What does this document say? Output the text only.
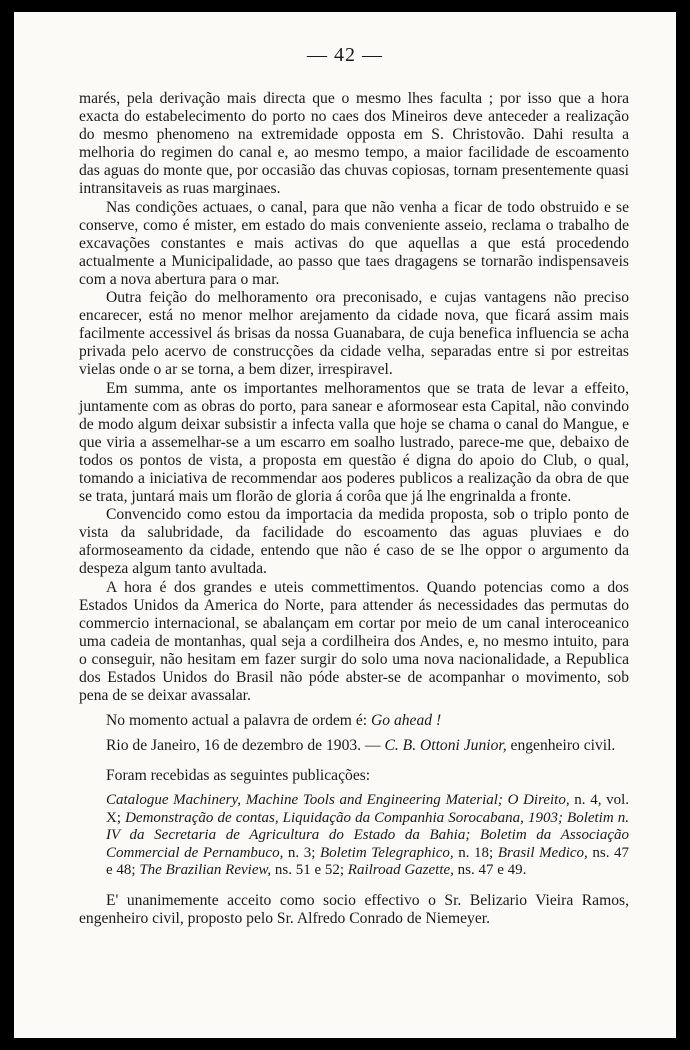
— 42 —

marés, pela derivação mais directa que o mesmo lhes faculta ; por isso que a hora exacta do estabelecimento do porto no caes dos Mineiros deve anteceder a realização do mesmo phenomeno na extremidade opposta em S. Christovão. Dahi resulta a melhoria do regimen do canal e, ao mesmo tempo, a maior facilidade de escoamento das aguas do monte que, por occasião das chuvas copiosas, tornam presentemente quasi intransitaveis as ruas marginaes.

Nas condições actuaes, o canal, para que não venha a ficar de todo obstruido e se conserve, como é mister, em estado do mais conveniente asseio, reclama o trabalho de excavações constantes e mais activas do que aquellas a que está procedendo actualmente a Municipalidade, ao passo que taes dragagens se tornarão indispensaveis com a nova abertura para o mar.

Outra feição do melhoramento ora preconisado, e cujas vantagens não preciso encarecer, está no menor melhor arejamento da cidade nova, que ficará assim mais facilmente accessivel ás brisas da nossa Guanabara, de cuja benefica influencia se acha privada pelo acervo de construcções da cidade velha, separadas entre si por estreitas vielas onde o ar se torna, a bem dizer, irrespiravel.

Em summa, ante os importantes melhoramentos que se trata de levar a effeito, juntamente com as obras do porto, para sanear e aformosear esta Capital, não convindo de modo algum deixar subsistir a infecta valla que hoje se chama o canal do Mangue, e que viria a assemelhar-se a um escarro em soalho lustrado, parece-me que, debaixo de todos os pontos de vista, a proposta em questão é digna do apoio do Club, o qual, tomando a iniciativa de recommendar aos poderes publicos a realização da obra de que se trata, juntará mais um florão de gloria á corôa que já lhe engrinalda a fronte.

Convencido como estou da importacia da medida proposta, sob o triplo ponto de vista da salubridade, da facilidade do escoamento das aguas pluviaes e do aformoseamento da cidade, entendo que não é caso de se lhe oppor o argumento da despeza algum tanto avultada.

A hora é dos grandes e uteis commettimentos. Quando potencias como a dos Estados Unidos da America do Norte, para attender ás necessidades das permutas do commercio internacional, se abalançam em cortar por meio de um canal interoceanico uma cadeia de montanhas, qual seja a cordilheira dos Andes, e, no mesmo intuito, para o conseguir, não hesitam em fazer surgir do solo uma nova nacionalidade, a Republica dos Estados Unidos do Brasil não póde abster-se de acompanhar o movimento, sob pena de se deixar avassalar.

No momento actual a palavra de ordem é: Go ahead !

Rio de Janeiro, 16 de dezembro de 1903. — C. B. Ottoni Junior, engenheiro civil.

Foram recebidas as seguintes publicações:

Catalogue Machinery, Machine Tools and Engineering Material; O Direito, n. 4, vol. X; Demonstração de contas, Liquidação da Companhia Sorocabana, 1903; Boletim n. IV da Secretaria de Agricultura do Estado da Bahia; Boletim da Associação Commercial de Pernambuco, n. 3; Boletim Telegraphico, n. 18; Brasil Medico, ns. 47 e 48; The Brazilian Review, ns. 51 e 52; Railroad Gazette, ns. 47 e 49.

E' unanimemente acceito como socio effectivo o Sr. Belizario Vieira Ramos, engenheiro civil, proposto pelo Sr. Alfredo Conrado de Niemeyer.
